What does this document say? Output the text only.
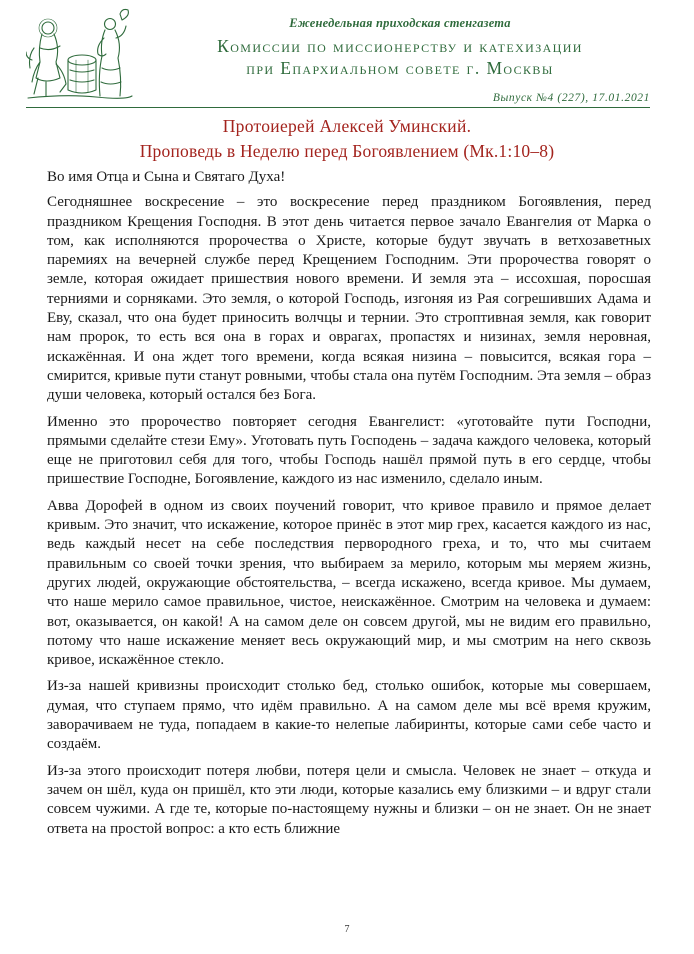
Еженедельная приходская стенгазета
Комиссии по миссионерству и катехизации
при Епархиальном совете г. Москвы
Выпуск №4 (227), 17.01.2021
Протоиерей Алексей Уминский.
Проповедь в Неделю перед Богоявлением (Мк.1:10–8)

Во имя Отца и Сына и Святаго Духа!

Сегодняшнее воскресение – это воскресение перед праздником Богоявления, перед праздником Крещения Господня. В этот день читается первое зачало Евангелия от Марка о том, как исполняются пророчества о Христе, которые будут звучать в ветхозаветных паремиях на вечерней службе перед Крещением Господним. Эти пророчества говорят о земле, которая ожидает пришествия нового времени. И земля эта – иссохшая, поросшая терниями и сорняками. Это земля, о которой Господь, изгоняя из Рая согрешивших Адама и Еву, сказал, что она будет приносить волчцы и тернии. Это строптивная земля, как говорит нам пророк, то есть вся она в горах и оврагах, пропастях и низинах, земля неровная, искажённая. И она ждет того времени, когда всякая низина – повысится, всякая гора – смирится, кривые пути станут ровными, чтобы стала она путём Господним. Эта земля – образ души человека, который остался без Бога.

Именно это пророчество повторяет сегодня Евангелист: «уготовайте пути Господни, прямыми сделайте стези Ему». Уготовать путь Господень – задача каждого человека, который еще не приготовил себя для того, чтобы Господь нашёл прямой путь в его сердце, чтобы пришествие Господне, Богоявление, каждого из нас изменило, сделало иным.

Авва Дорофей в одном из своих поучений говорит, что кривое правило и прямое делает кривым. Это значит, что искажение, которое принёс в этот мир грех, касается каждого из нас, ведь каждый несет на себе последствия первородного греха, и то, что мы считаем правильным со своей точки зрения, что выбираем за мерило, которым мы меряем жизнь, других людей, окружающие обстоятельства, – всегда искажено, всегда кривое. Мы думаем, что наше мерило самое правильное, чистое, неискажённое. Смотрим на человека и думаем: вот, оказывается, он какой! А на самом деле он совсем другой, мы не видим его правильно, потому что наше искажение меняет весь окружающий мир, и мы смотрим на него сквозь кривое, искажённое стекло.

Из-за нашей кривизны происходит столько бед, столько ошибок, которые мы совершаем, думая, что ступаем прямо, что идём правильно. А на самом деле мы всё время кружим, заворачиваем не туда, попадаем в какие-то нелепые лабиринты, которые сами себе часто и создаём.

Из-за этого происходит потеря любви, потеря цели и смысла. Человек не знает – откуда и зачем он шёл, куда он пришёл, кто эти люди, которые казались ему близкими – и вдруг стали совсем чужими. А где те, которые по-настоящему нужны и близки – он не знает. Он не знает ответа на простой вопрос: а кто есть ближние

7
